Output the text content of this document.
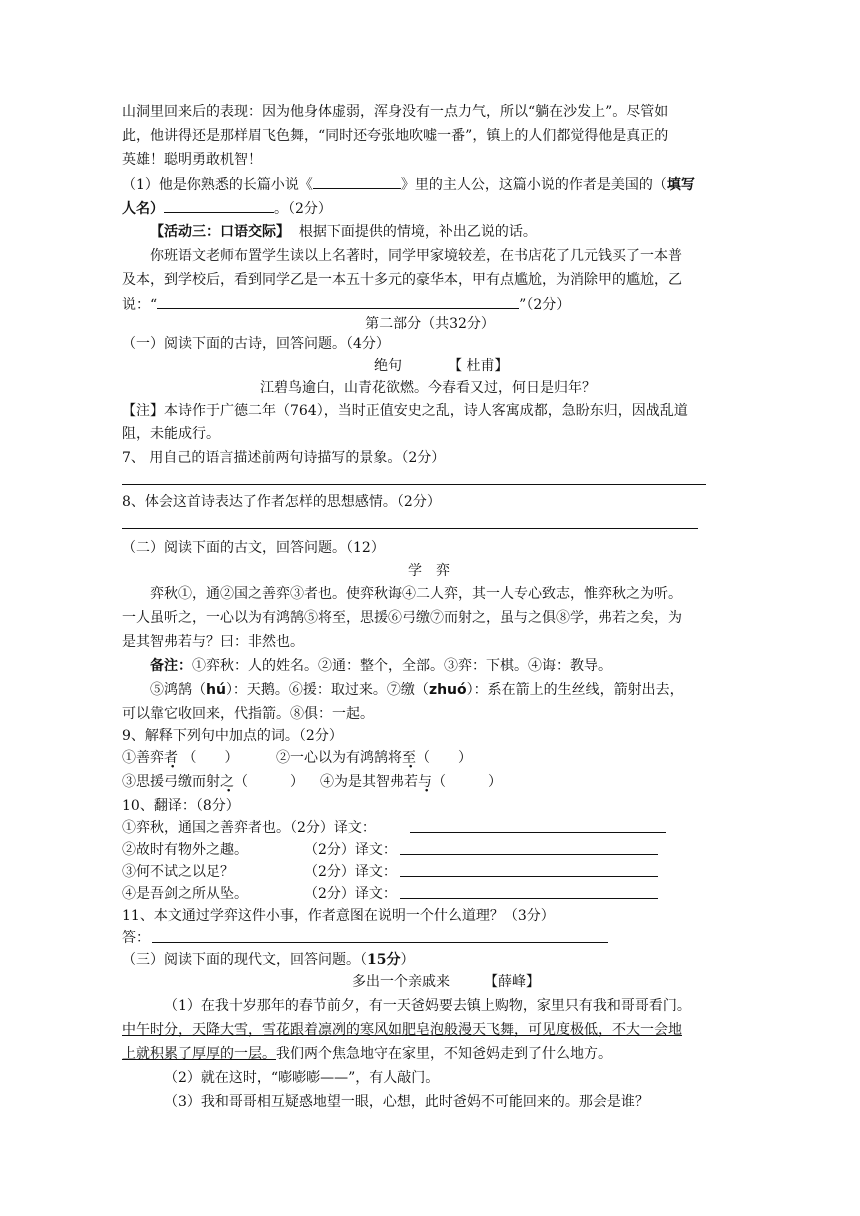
山洞里回来后的表现：因为他身体虚弱，浑身没有一点力气，所以“躺在沙发上”。尽管如
此，他讲得还是那样眉飞色舞，“同时还夸张地吹嘘一番”，镇上的人们都觉得他是真正的
英雄！聪明勇敢机智！
（1）他是你熟悉的长篇小说《	》里的主人公，这篇小说的作者是美国的（填写
人名）	。（2分）
【活动三：口语交际】 根据下面提供的情境，补出乙说的话。
你班语文老师布置学生读以上名著时，同学甲家境较差，在书店花了几元钱买了一本普
及本，到学校后，看到同学乙是一本五十多元的豪华本，甲有点尴尬，为消除甲的尴尬，乙
说：“	”（2分）
第二部分（共32分）
（一）阅读下面的古诗，回答问题。（4分）
绝句	【 杜甫】
江碧鸟逾白，山青花欲燃。今春看又过，何日是归年？
【注】本诗作于广德二年（764），当时正值安史之乱，诗人客寓成都，急盼东归，因战乱道
阻，未能成行。
7、 用自己的语言描述前两句诗描写的景象。（2分）
8、体会这首诗表达了作者怎样的思想感情。（2分）
（二）阅读下面的古文，回答问题。（12）
学　弈
弈秋①，通②国之善弈③者也。使弈秋诲④二人弈，其一人专心致志，惟弈秋之为听。
一人虽听之，一心以为有鸿鹄⑤将至，思援⑥弓缴⑦而射之，虽与之俱⑧学，弗若之矣，为
是其智弗若与？曰：非然也。
备注：①弈秋：人的姓名。②通：整个，全部。③弈：下棋。④诲：教导。
⑤鸿鹄（hú）：天鹅。⑥援：取过来。⑦缴（zhuó）：系在箭上的生丝线，箭射出去，
可以靠它收回来，代指箭。⑧俱：一起。
9、解释下列句中加点的词。（2分）
①善弈者 （　　）	②一心以为有鸿鹄将至（　　）
③思援弓缴而射之（　　　） ④为是其智弗若与（　　　）
10、翻译：（8分）
①弈秋，通国之善弈者也。（2分）译文：
②故时有物外之趣。	（2分）译文：
③何不试之以足？	（2分）译文：
④是吾剑之所从坠。	（2分）译文：
11、本文通过学弈这件小事，作者意图在说明一个什么道理？（3分）
答：
（三）阅读下面的现代文，回答问题。（15分）
多出一个亲戚来 【薛峰】
（1）在我十岁那年的春节前夕，有一天爸妈要去镇上购物，家里只有我和哥哥看门。
中午时分，天降大雪，雪花跟着凛冽的寒风如肥皂泡般漫天飞舞，可见度极低，不大一会地
上就积累了厚厚的一层。我们两个焦急地守在家里，不知爸妈走到了什么地方。
（2）就在这时，“嘭嘭嘭——”，有人敲门。
（3）我和哥哥相互疑惑地望一眼，心想，此时爸妈不可能回来的。那会是谁？
